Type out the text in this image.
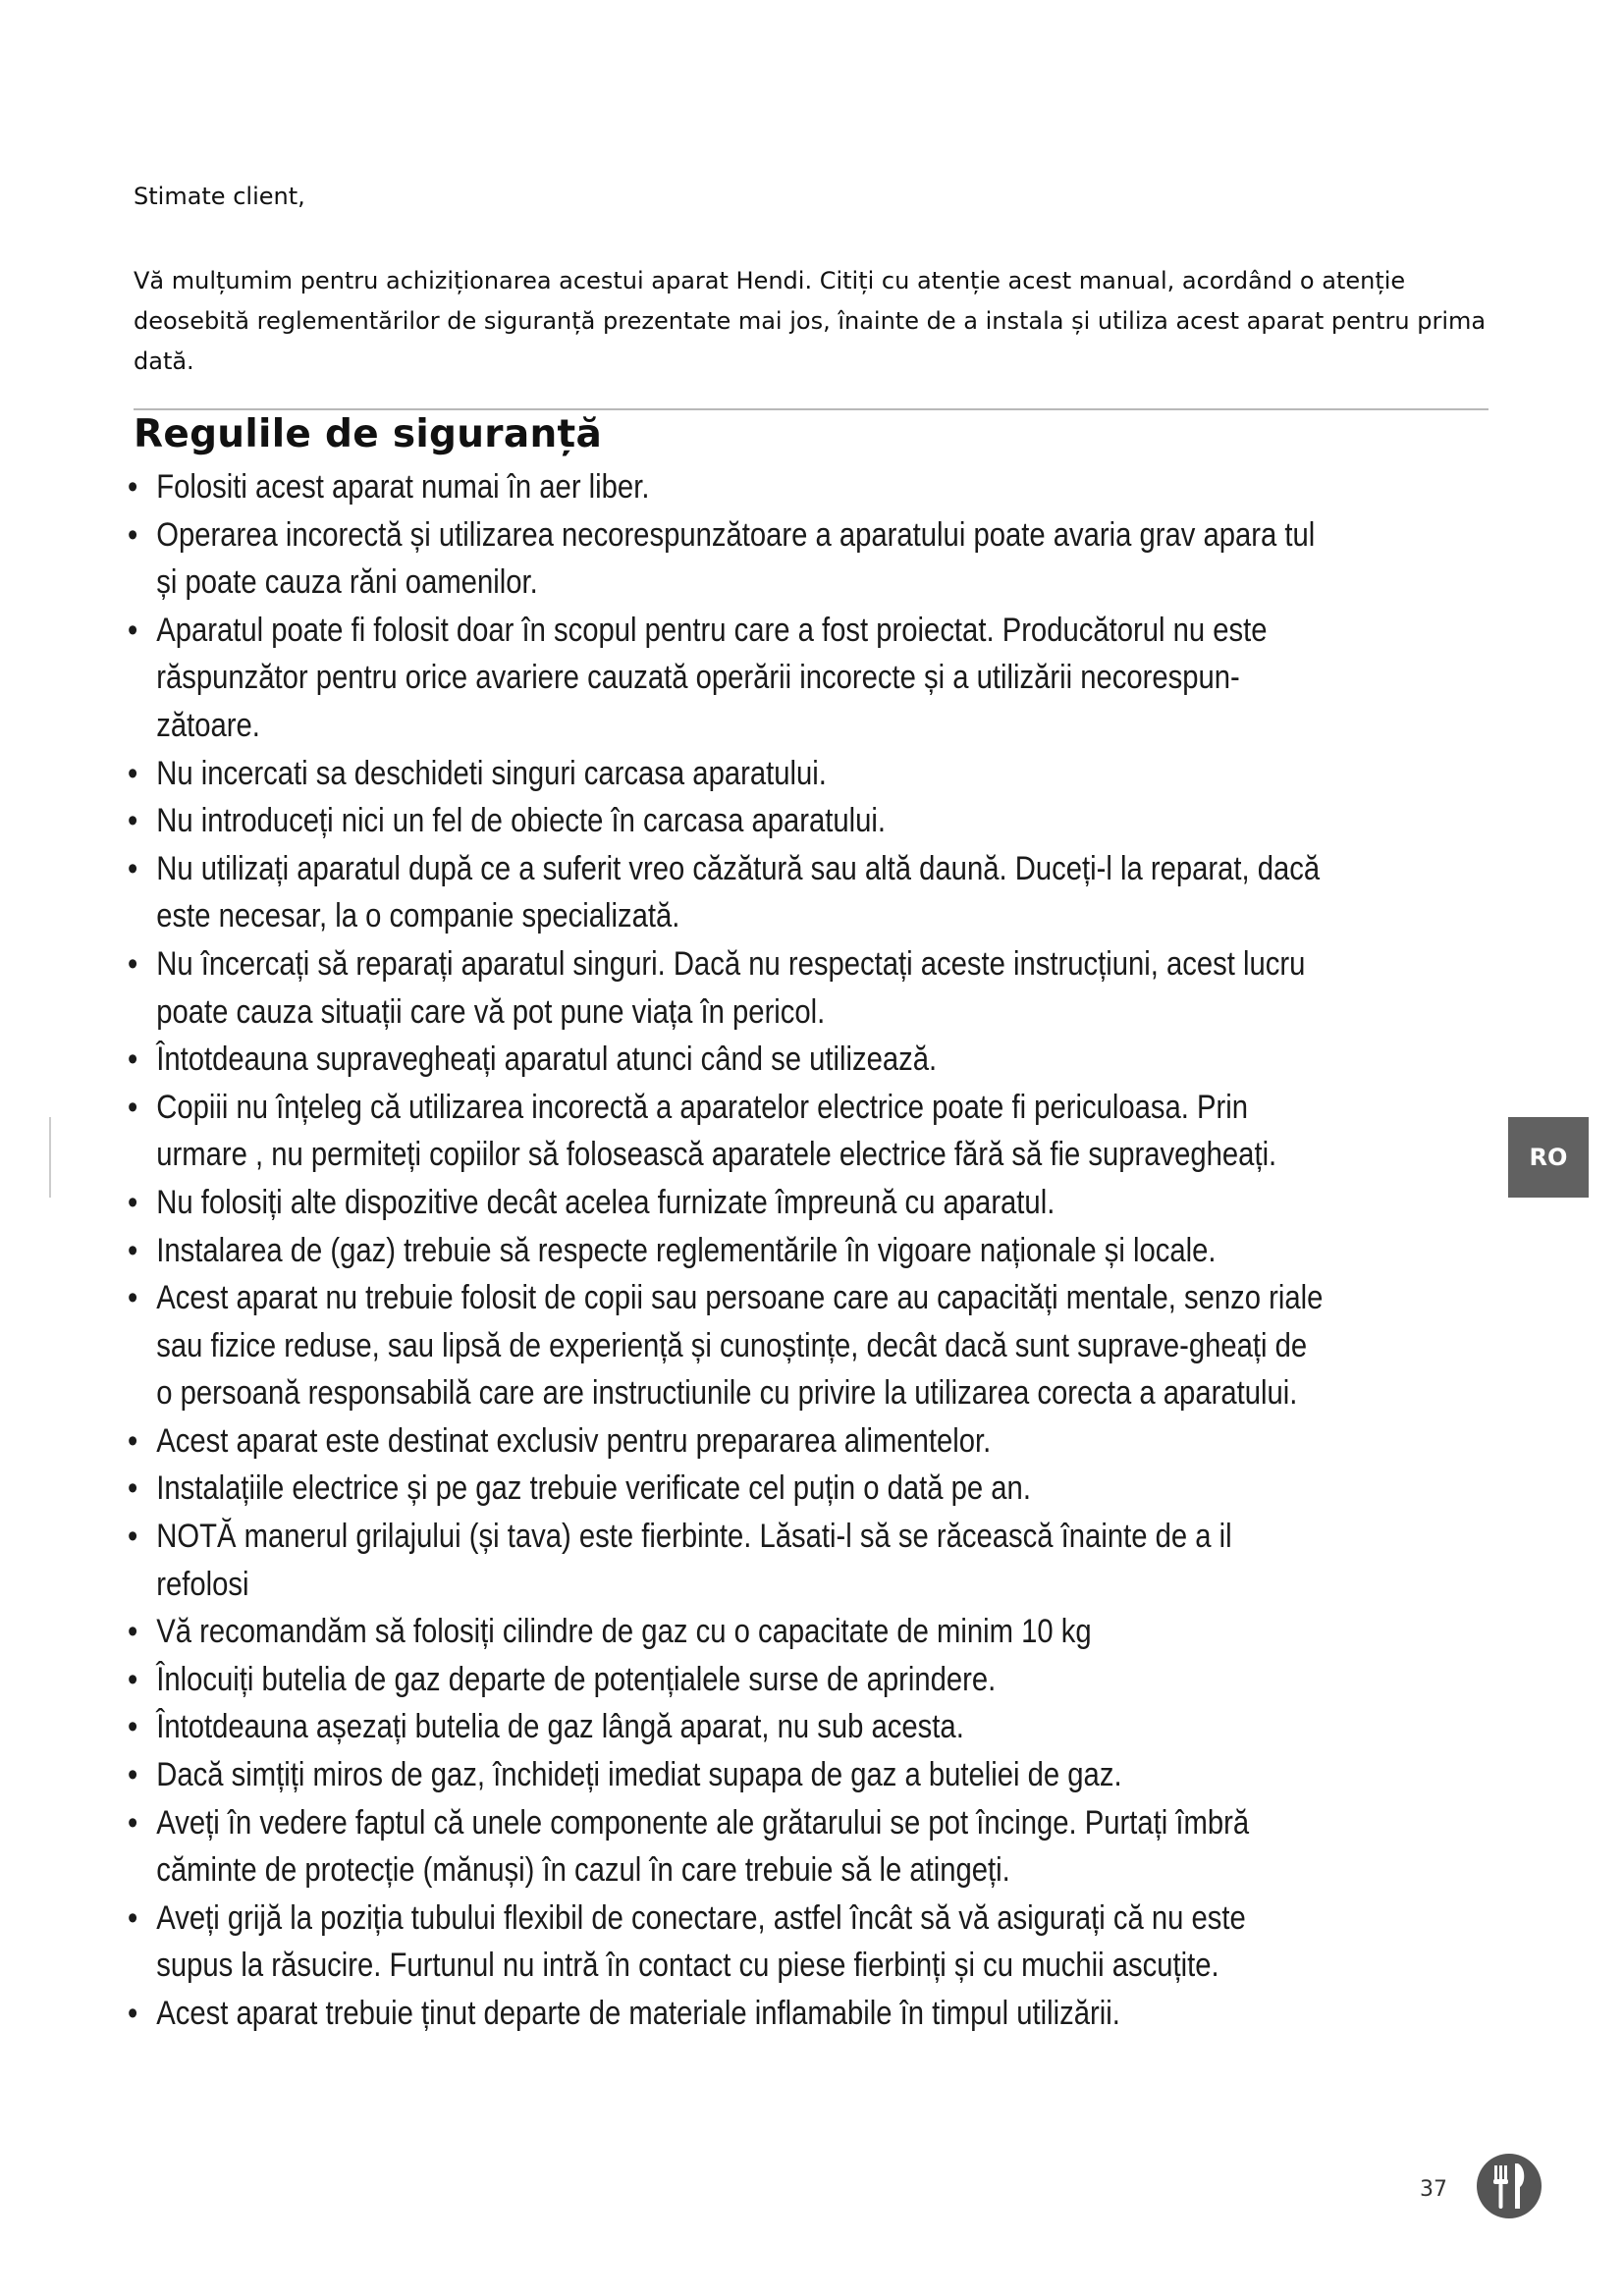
Stimate client,
Vă mulțumim pentru achiziționarea acestui aparat Hendi. Citiți cu atenție acest manual, acordând o atenție deosebită reglementărilor de siguranță prezentate mai jos, înainte de a instala și utiliza acest aparat pentru prima dată.
Regulile de siguranță
• Folositi acest aparat numai în aer liber.
• Operarea incorectă și utilizarea necorespunzătoare a aparatului poate avaria grav apara tul și poate cauza răni oamenilor.
• Aparatul poate fi folosit doar în scopul pentru care a fost proiectat. Producătorul nu este răspunzător pentru orice avariere cauzată operării incorecte și a utilizării necorespun-zătoare.
• Nu incercati sa deschideti singuri carcasa aparatului.
• Nu introduceți nici un fel de obiecte în carcasa aparatului.
• Nu utilizați aparatul după ce a suferit vreo căzătură sau altă daună. Duceți-l la reparat, dacă este necesar, la o companie specializată.
• Nu încercați să reparați aparatul singuri. Dacă nu respectați aceste instrucțiuni, acest lucru poate cauza situații care vă pot pune viața în pericol.
• Întotdeauna supravegheați aparatul atunci când se utilizează.
• Copiii nu înțeleg că utilizarea incorectă a aparatelor electrice poate fi periculoasa. Prin urmare , nu permiteți copiilor să folosească aparatele electrice fără să fie supravegheați.
• Nu folosiți alte dispozitive decât acelea furnizate împreună cu aparatul.
• Instalarea de (gaz) trebuie să respecte reglementările în vigoare naționale și locale.
• Acest aparat nu trebuie folosit de copii sau persoane care au capacități mentale, senzo riale sau fizice reduse, sau lipsă de experiență și cunoștințe, decât dacă sunt suprave-gheați de o persoană responsabilă care are instructiunile cu privire la utilizarea corecta a aparatului.
• Acest aparat este destinat exclusiv pentru prepararea alimentelor.
• Instalațiile electrice și pe gaz trebuie verificate cel puțin o dată pe an.
• NOTĂ manerul grilajului (și tava) este fierbinte. Lăsati-l să se răcească înainte de a il refolosi
• Vă recomandăm să folosiți cilindre de gaz cu o capacitate de minim 10 kg
• Înlocuiți butelia de gaz departe de potențialele surse de aprindere.
• Întotdeauna așezați butelia de gaz lângă aparat, nu sub acesta.
• Dacă simțiți miros de gaz, închideți imediat supapa de gaz a buteliei de gaz.
• Aveți în vedere faptul că unele componente ale grătarului se pot încinge. Purtați îmbră căminte de protecție (mănuși) în cazul în care trebuie să le atingeți.
• Aveți grijă la poziția tubului flexibil de conectare, astfel încât să vă asigurați că nu este supus la răsucire. Furtunul nu intră în contact cu piese fierbinți și cu muchii ascuțite.
• Acest aparat trebuie ținut departe de materiale inflamabile în timpul utilizării.
RO
37
